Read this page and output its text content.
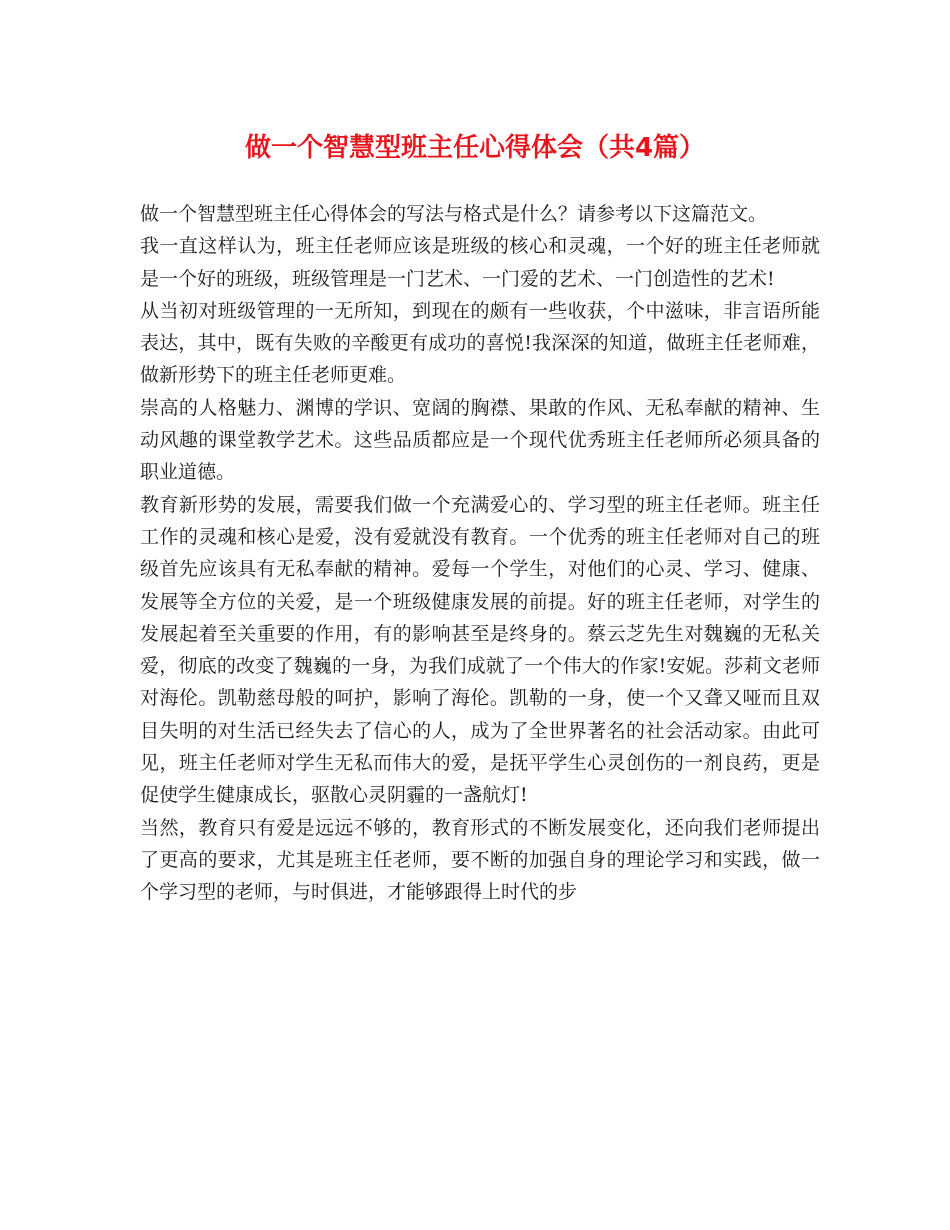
做一个智慧型班主任心得体会（共4篇）

做一个智慧型班主任心得体会的写法与格式是什么？请参考以下这篇范文。

我一直这样认为，班主任老师应该是班级的核心和灵魂，一个好的班主任老师就是一个好的班级，班级管理是一门艺术、一门爱的艺术、一门创造性的艺术!

从当初对班级管理的一无所知，到现在的颇有一些收获，个中滋味，非言语所能表达，其中，既有失败的辛酸更有成功的喜悦!我深深的知道，做班主任老师难，做新形势下的班主任老师更难。

崇高的人格魅力、渊博的学识、宽阔的胸襟、果敢的作风、无私奉献的精神、生动风趣的课堂教学艺术。这些品质都应是一个现代优秀班主任老师所必须具备的职业道德。

教育新形势的发展，需要我们做一个充满爱心的、学习型的班主任老师。班主任工作的灵魂和核心是爱，没有爱就没有教育。一个优秀的班主任老师对自己的班级首先应该具有无私奉献的精神。爱每一个学生，对他们的心灵、学习、健康、发展等全方位的关爱，是一个班级健康发展的前提。好的班主任老师，对学生的发展起着至关重要的作用，有的影响甚至是终身的。蔡云芝先生对魏巍的无私关爱，彻底的改变了魏巍的一身，为我们成就了一个伟大的作家!安妮。莎莉文老师对海伦。凯勒慈母般的呵护，影响了海伦。凯勒的一身，使一个又聋又哑而且双目失明的对生活已经失去了信心的人，成为了全世界著名的社会活动家。由此可见，班主任老师对学生无私而伟大的爱，是抚平学生心灵创伤的一剂良药，更是促使学生健康成长，驱散心灵阴霾的一盏航灯!

当然，教育只有爱是远远不够的，教育形式的不断发展变化，还向我们老师提出了更高的要求，尤其是班主任老师，要不断的加强自身的理论学习和实践，做一个学习型的老师，与时俱进，才能够跟得上时代的步
